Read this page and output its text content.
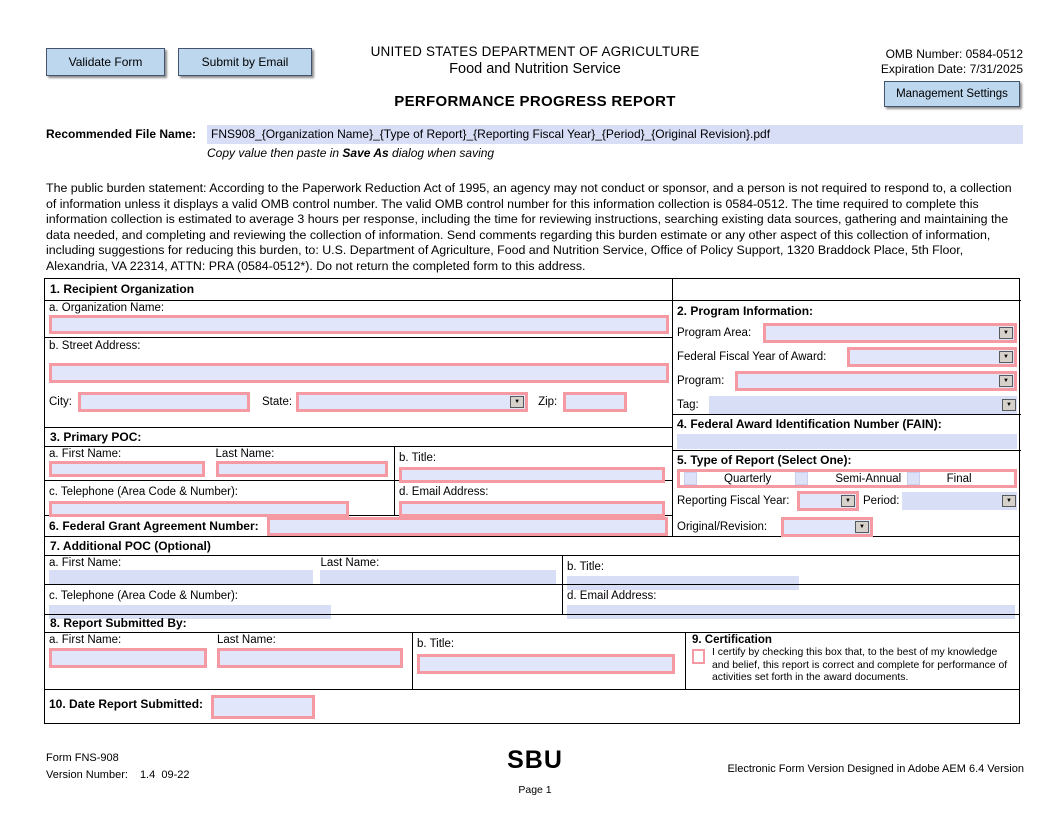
Validate Form	Submit by Email
UNITED STATES DEPARTMENT OF AGRICULTURE
Food and Nutrition Service
PERFORMANCE PROGRESS REPORT
OMB Number: 0584-0512
Expiration Date: 7/31/2025
Management Settings
Recommended File Name:	FNS908_{Organization Name}_{Type of Report}_{Reporting Fiscal Year}_{Period}_{Original Revision}.pdf
Copy value then paste in Save As dialog when saving
The public burden statement: According to the Paperwork Reduction Act of 1995, an agency may not conduct or sponsor, and a person is not required to respond to, a collection of information unless it displays a valid OMB control number. The valid OMB control number for this information collection is 0584-0512. The time required to complete this information collection is estimated to average 3 hours per response, including the time for reviewing instructions, searching existing data sources, gathering and maintaining the data needed, and completing and reviewing the collection of information. Send comments regarding this burden estimate or any other aspect of this collection of information, including suggestions for reducing this burden, to: U.S. Department of Agriculture, Food and Nutrition Service, Office of Policy Support, 1320 Braddock Place, 5th Floor, Alexandria, VA 22314, ATTN: PRA (0584-0512*). Do not return the completed form to this address.
1. Recipient Organization
a. Organization Name:
b. Street Address:
City:	State:	▼	Zip:
3. Primary POC:
a. First Name:	Last Name:	b. Title:
c. Telephone (Area Code & Number):	d. Email Address:
6. Federal Grant Agreement Number:
2. Program Information:
Program Area:	▼
Federal Fiscal Year of Award:	▼
Program:	▼
Tag:	▼
4. Federal Award Identification Number (FAIN):
5. Type of Report (Select One):
Quarterly	Semi-Annual	Final
Reporting Fiscal Year:	▼	Period:	▼
Original/Revision:	▼
7. Additional POC (Optional)
a. First Name:	Last Name:	b. Title:
c. Telephone (Area Code & Number):	d. Email Address:
8. Report Submitted By:
a. First Name:	Last Name:	b. Title:	9. Certification
I certify by checking this box that, to the best of my knowledge and belief, this report is correct and complete for performance of activities set forth in the award documents.
10. Date Report Submitted:
Form FNS-908
Version Number: 1.4  09-22
SBU
Page 1
Electronic Form Version Designed in Adobe AEM 6.4 Version
